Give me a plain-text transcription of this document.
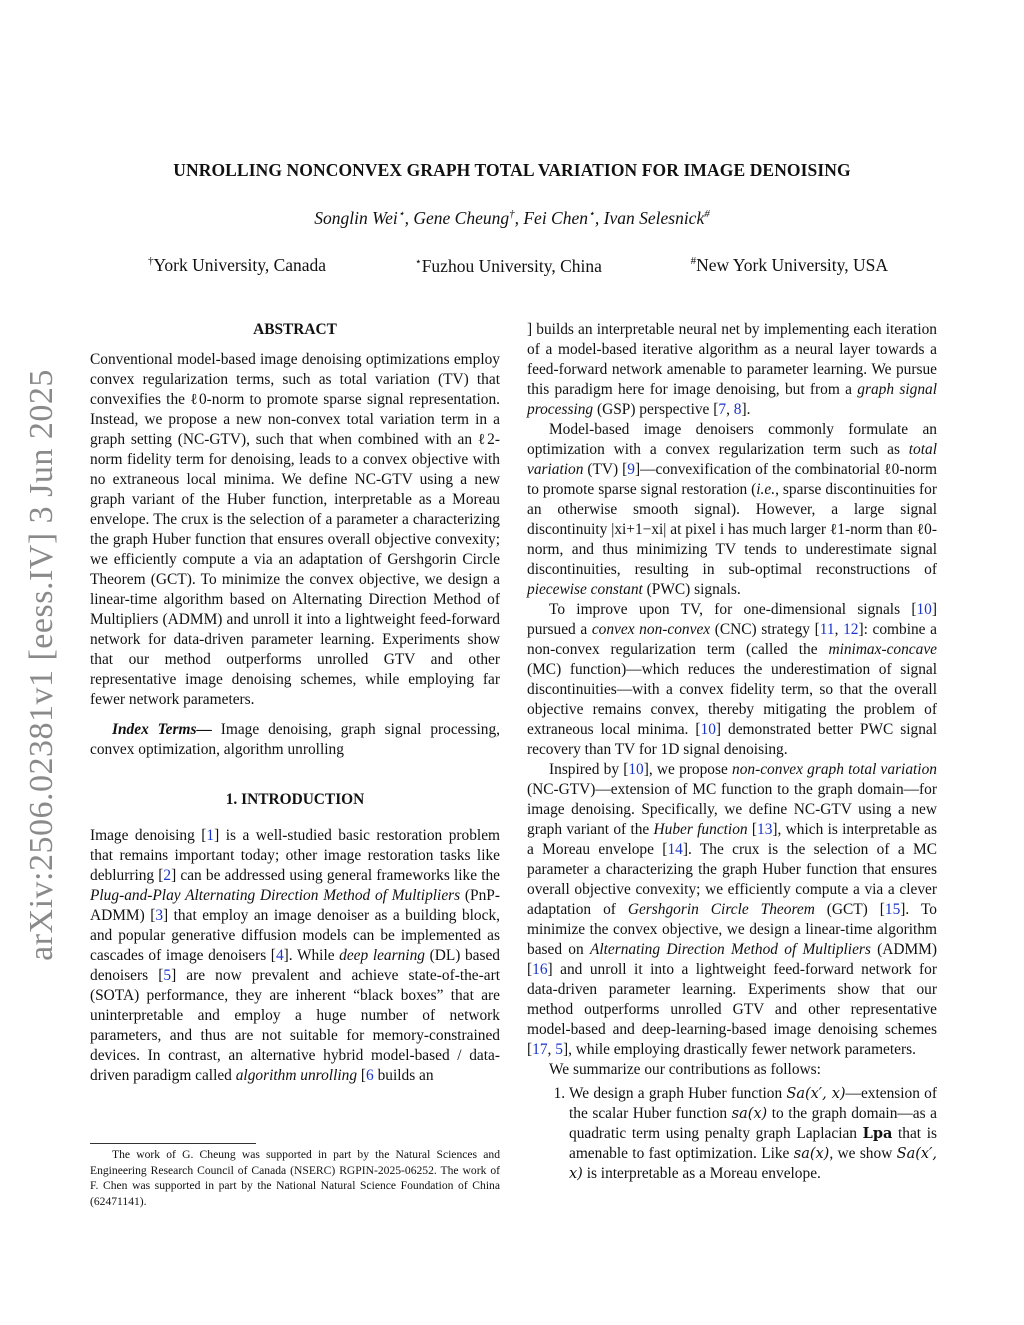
arXiv:2506.02381v1 [eess.IV] 3 Jun 2025
UNROLLING NONCONVEX GRAPH TOTAL VARIATION FOR IMAGE DENOISING
Songlin Wei⋆, Gene Cheung†, Fei Chen⋆, Ivan Selesnick#
†York University, Canada	⋆Fuzhou University, China	#New York University, USA

ABSTRACT

Conventional model-based image denoising optimizations employ convex regularization terms, such as total variation (TV) that convexifies the ℓ0-norm to promote sparse signal representation. Instead, we propose a new non-convex total variation term in a graph setting (NC-GTV), such that when combined with an ℓ2-norm fidelity term for denoising, leads to a convex objective with no extraneous local minima. We define NC-GTV using a new graph variant of the Huber function, interpretable as a Moreau envelope. The crux is the selection of a parameter a characterizing the graph Huber function that ensures overall objective convexity; we efficiently compute a via an adaptation of Gershgorin Circle Theorem (GCT). To minimize the convex objective, we design a linear-time algorithm based on Alternating Direction Method of Multipliers (ADMM) and unroll it into a lightweight feed-forward network for data-driven parameter learning. Experiments show that our method outperforms unrolled GTV and other representative image denoising schemes, while employing far fewer network parameters.

Index Terms— Image denoising, graph signal processing, convex optimization, algorithm unrolling

1. INTRODUCTION

Image denoising [1] is a well-studied basic restoration problem that remains important today; other image restoration tasks like deblurring [2] can be addressed using general frameworks like the Plug-and-Play Alternating Direction Method of Multipliers (PnP-ADMM) [3] that employ an image denoiser as a building block, and popular generative diffusion models can be implemented as cascades of image denoisers [4]. While deep learning (DL) based denoisers [5] are now prevalent and achieve state-of-the-art (SOTA) performance, they are inherent “black boxes” that are uninterpretable and employ a huge number of network parameters, and thus are not suitable for memory-constrained devices. In contrast, an alternative hybrid model-based / data-driven paradigm called algorithm unrolling [6 builds an

The work of G. Cheung was supported in part by the Natural Sciences and Engineering Research Council of Canada (NSERC) RGPIN-2025-06252. The work of F. Chen was supported in part by the National Natural Science Foundation of China (62471141).

] builds an interpretable neural net by implementing each iteration of a model-based iterative algorithm as a neural layer towards a feed-forward network amenable to parameter learning. We pursue this paradigm here for image denoising, but from a graph signal processing (GSP) perspective [7, 8].

Model-based image denoisers commonly formulate an optimization with a convex regularization term such as total variation (TV) [9]—convexification of the combinatorial ℓ0-norm to promote sparse signal restoration (i.e., sparse discontinuities for an otherwise smooth signal). However, a large signal discontinuity |xi+1−xi| at pixel i has much larger ℓ1-norm than ℓ0-norm, and thus minimizing TV tends to underestimate signal discontinuities, resulting in sub-optimal reconstructions of piecewise constant (PWC) signals.

To improve upon TV, for one-dimensional signals [10] pursued a convex non-convex (CNC) strategy [11, 12]: combine a non-convex regularization term (called the minimax-concave (MC) function)—which reduces the underestimation of signal discontinuities—with a convex fidelity term, so that the overall objective remains convex, thereby mitigating the problem of extraneous local minima. [10] demonstrated better PWC signal recovery than TV for 1D signal denoising.

Inspired by [10], we propose non-convex graph total variation (NC-GTV)—extension of MC function to the graph domain—for image denoising. Specifically, we define NC-GTV using a new graph variant of the Huber function [13], which is interpretable as a Moreau envelope [14]. The crux is the selection of a MC parameter a characterizing the graph Huber function that ensures overall objective convexity; we efficiently compute a via a clever adaptation of Gershgorin Circle Theorem (GCT) [15]. To minimize the convex objective, we design a linear-time algorithm based on Alternating Direction Method of Multipliers (ADMM) [16] and unroll it into a lightweight feed-forward network for data-driven parameter learning. Experiments show that our method outperforms unrolled GTV and other representative model-based and deep-learning-based image denoising schemes [17, 5], while employing drastically fewer network parameters.

We summarize our contributions as follows:

1. We design a graph Huber function Sa(x′, x)—extension of the scalar Huber function sa(x) to the graph domain—as a quadratic term using penalty graph Laplacian Lpa that is amenable to fast optimization. Like sa(x), we show Sa(x′, x) is interpretable as a Moreau envelope.
